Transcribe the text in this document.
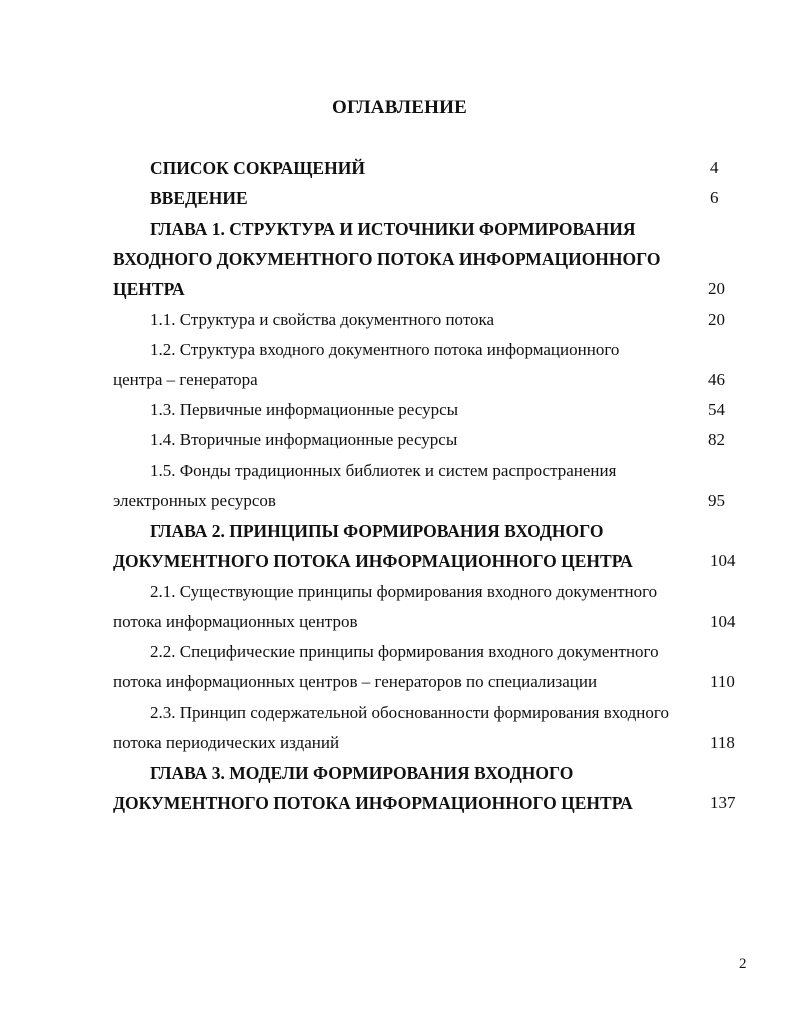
ОГЛАВЛЕНИЕ
СПИСОК СОКРАЩЕНИЙ	4
ВВЕДЕНИЕ	6
ГЛАВА 1. СТРУКТУРА И ИСТОЧНИКИ ФОРМИРОВАНИЯ
ВХОДНОГО ДОКУМЕНТНОГО ПОТОКА ИНФОРМАЦИОННОГО
ЦЕНТРА	20
1.1. Структура и свойства документного потока	20
1.2. Структура входного документного потока информационного
центра – генератора	46
1.3. Первичные информационные ресурсы	54
1.4. Вторичные информационные ресурсы	82
1.5. Фонды традиционных библиотек и систем распространения
электронных ресурсов	95
ГЛАВА 2. ПРИНЦИПЫ ФОРМИРОВАНИЯ ВХОДНОГО
ДОКУМЕНТНОГО ПОТОКА ИНФОРМАЦИОННОГО ЦЕНТРА	104
2.1. Существующие принципы формирования входного документного
потока информационных центров	104
2.2. Специфические принципы формирования входного документного
потока информационных центров – генераторов по специализации	110
2.3. Принцип содержательной обоснованности формирования входного
потока периодических изданий	118
ГЛАВА 3. МОДЕЛИ ФОРМИРОВАНИЯ ВХОДНОГО
ДОКУМЕНТНОГО ПОТОКА ИНФОРМАЦИОННОГО ЦЕНТРА	137
2
